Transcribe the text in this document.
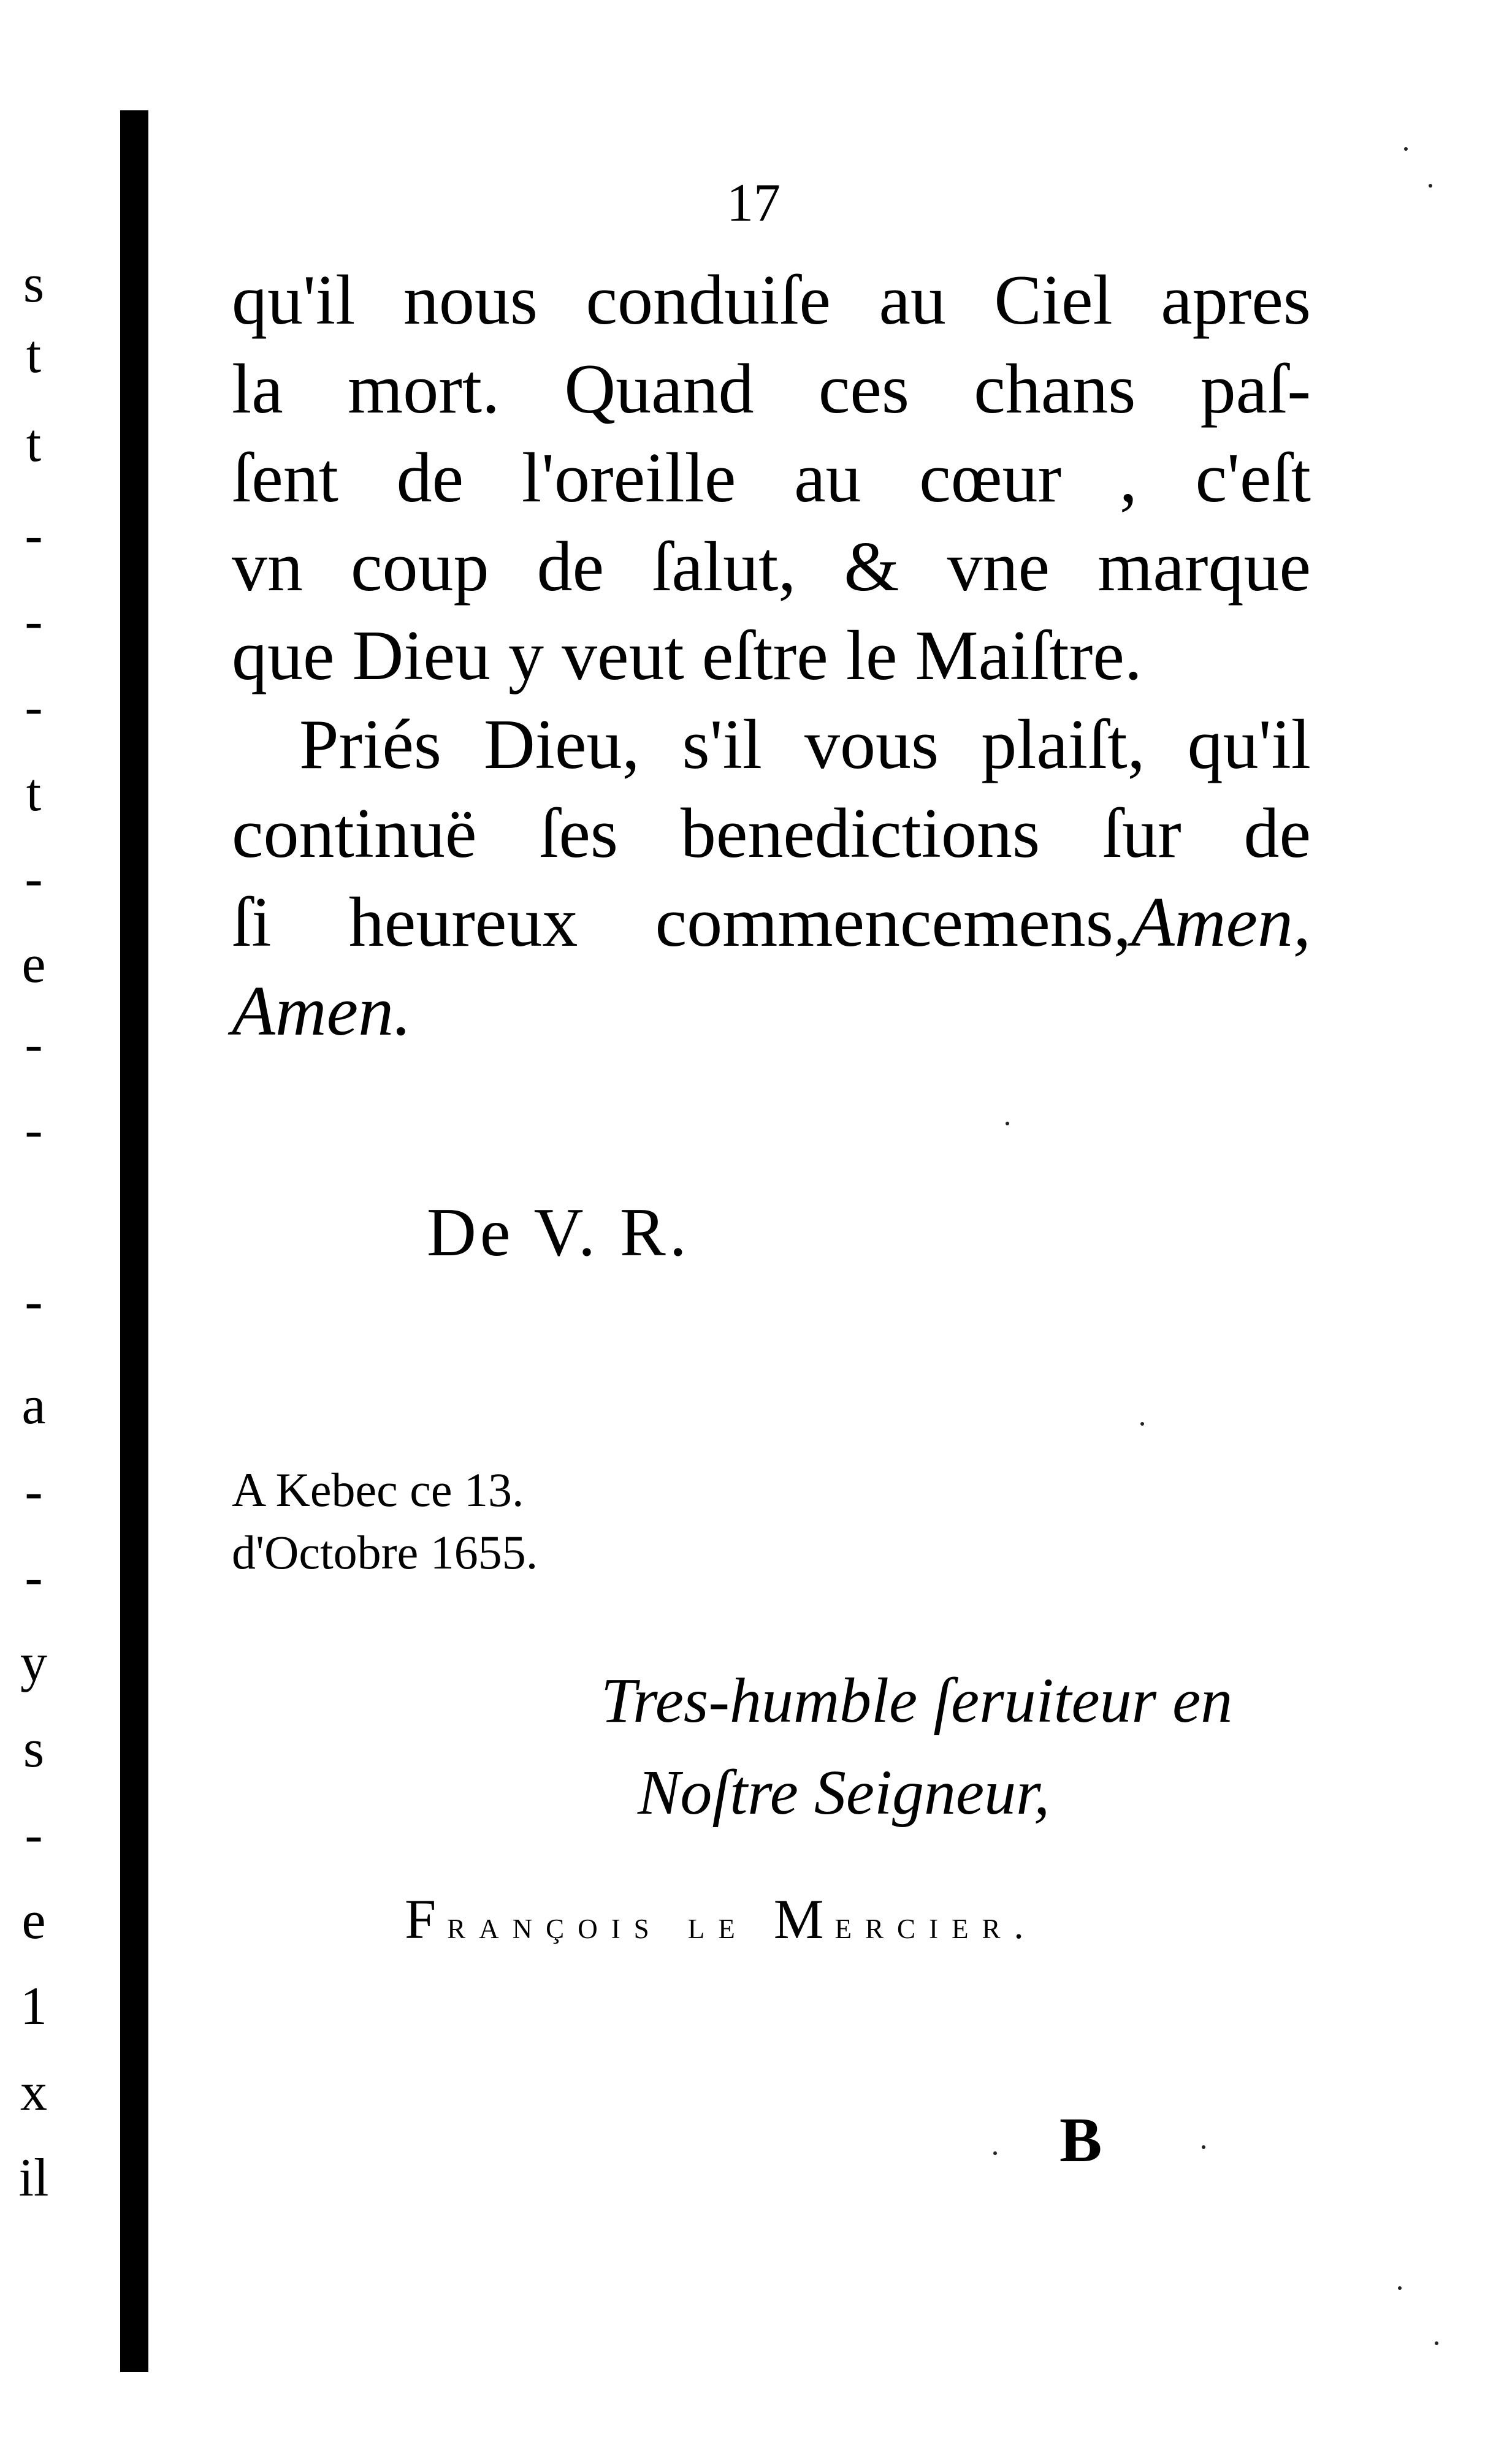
s
t
t
-
-
-
t
-
e
-
-
-
a
-
-
y
s
-
e
1
x
il
17
qu'il nous conduiſe au Ciel apres
la mort. Quand ces chans paſ-
ſent de l'oreille au cœur , c'eſt
vn coup de ſalut, & vne marque
que Dieu y veut eſtre le Maiſtre.
Priés Dieu, s'il vous plaiſt, qu'il
continuë ſes benedictions ſur de
ſi heureux commencemens,Amen,
Amen.
De V. R.
A Kebec ce 13.
d'Octobre 1655.
Tres-humble ſeruiteur en
Noſtre Seigneur,
François le Mercier.
B
